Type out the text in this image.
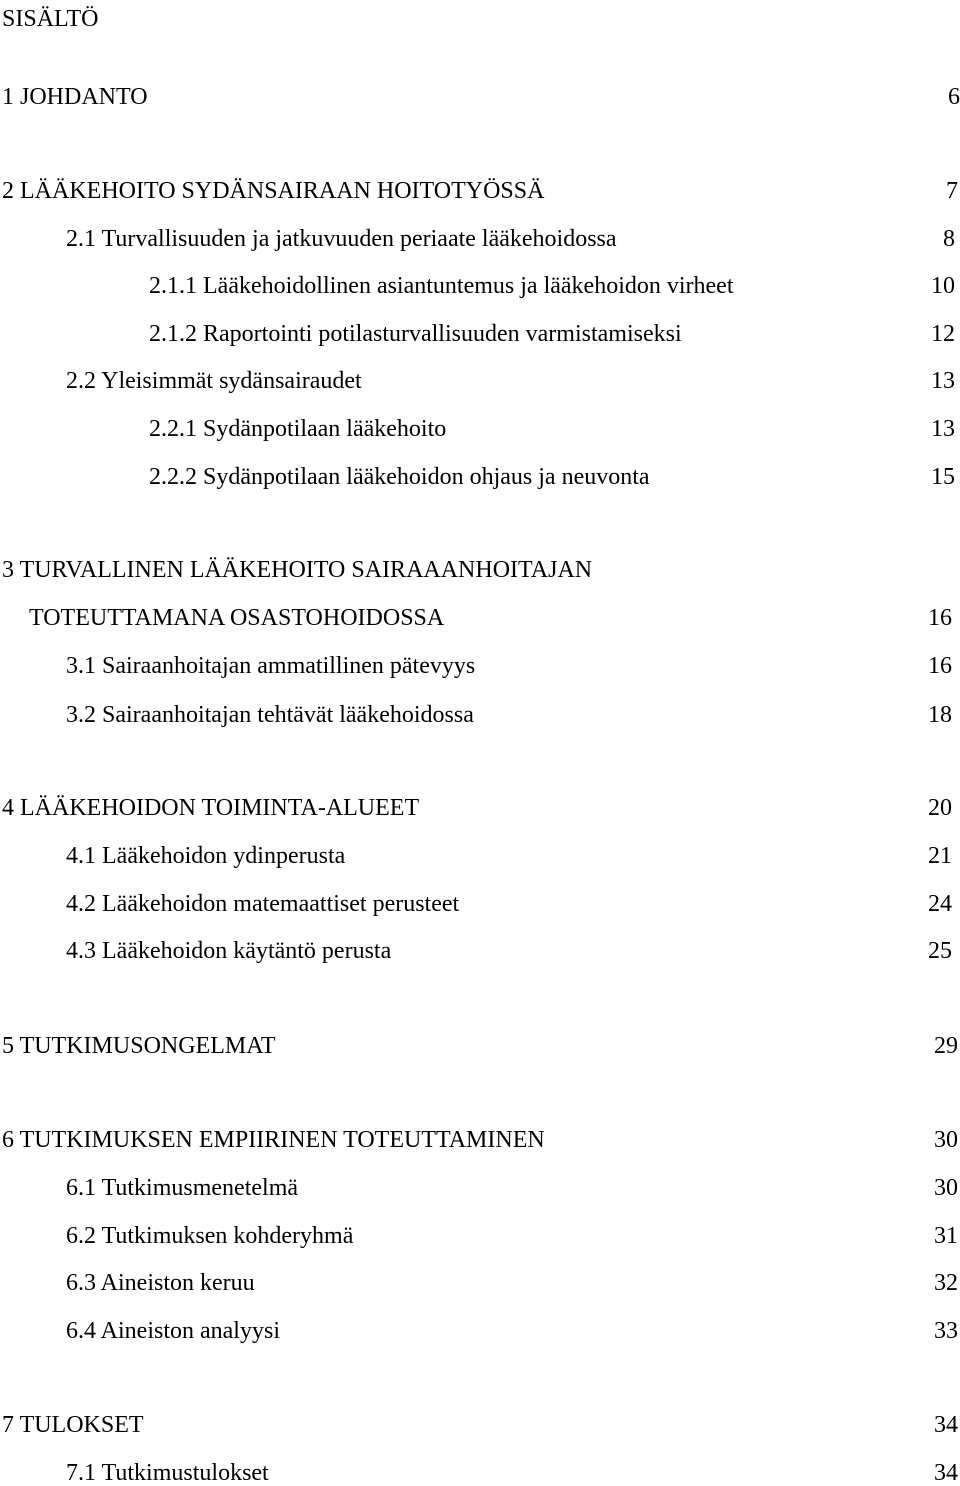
SISÄLTÖ
1 JOHDANTO	6
2 LÄÄKEHOITO SYDÄNSAIRAAN HOITOTYÖSSÄ	7
2.1 Turvallisuuden ja jatkuvuuden periaate lääkehoidossa	8
2.1.1 Lääkehoidollinen asiantuntemus ja lääkehoidon virheet	10
2.1.2 Raportointi potilasturvallisuuden varmistamiseksi	12
2.2 Yleisimmät sydänsairaudet	13
2.2.1 Sydänpotilaan lääkehoito	13
2.2.2 Sydänpotilaan lääkehoidon ohjaus ja neuvonta	15
3 TURVALLINEN LÄÄKEHOITO SAIRAAANHOITAJAN
TOTEUTTAMANA OSASTOHOIDOSSA	16
3.1 Sairaanhoitajan ammatillinen pätevyys	16
3.2 Sairaanhoitajan tehtävät lääkehoidossa	18
4 LÄÄKEHOIDON TOIMINTA-ALUEET	20
4.1 Lääkehoidon ydinperusta	21
4.2 Lääkehoidon matemaattiset perusteet	24
4.3 Lääkehoidon käytäntö perusta	25
5 TUTKIMUSONGELMAT	29
6 TUTKIMUKSEN EMPIIRINEN TOTEUTTAMINEN	30
6.1 Tutkimusmenetelmä	30
6.2 Tutkimuksen kohderyhmä	31
6.3 Aineiston keruu	32
6.4 Aineiston analyysi	33
7 TULOKSET	34
7.1 Tutkimustulokset	34
